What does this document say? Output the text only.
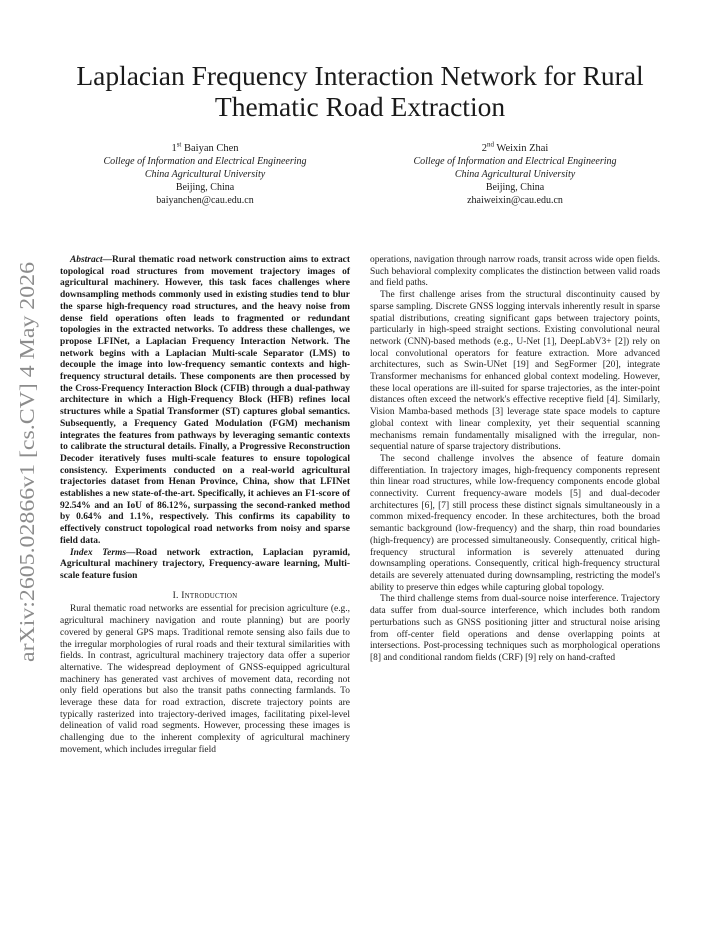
arXiv:2605.02866v1 [cs.CV] 4 May 2026
Laplacian Frequency Interaction Network for Rural Thematic Road Extraction
1st Baiyan Chen
College of Information and Electrical Engineering
China Agricultural University
Beijing, China
baiyanchen@cau.edu.cn
2nd Weixin Zhai
College of Information and Electrical Engineering
China Agricultural University
Beijing, China
zhaiweixin@cau.edu.cn

Abstract—Rural thematic road network construction aims to extract topological road structures from movement trajectory images of agricultural machinery. However, this task faces challenges where downsampling methods commonly used in existing studies tend to blur the sparse high-frequency road structures, and the heavy noise from dense field operations often leads to fragmented or redundant topologies in the extracted networks. To address these challenges, we propose LFINet, a Laplacian Frequency Interaction Network. The network begins with a Laplacian Multi-scale Separator (LMS) to decouple the image into low-frequency semantic contexts and high-frequency structural details. These components are then processed by the Cross-Frequency Interaction Block (CFIB) through a dual-pathway architecture in which a High-Frequency Block (HFB) refines local structures while a Spatial Transformer (ST) captures global semantics. Subsequently, a Frequency Gated Modulation (FGM) mechanism integrates the features from pathways by leveraging semantic contexts to calibrate the structural details. Finally, a Progressive Reconstruction Decoder iteratively fuses multi-scale features to ensure topological consistency. Experiments conducted on a real-world agricultural trajectories dataset from Henan Province, China, show that LFINet establishes a new state-of-the-art. Specifically, it achieves an F1-score of 92.54% and an IoU of 86.12%, surpassing the second-ranked method by 0.64% and 1.1%, respectively. This confirms its capability to effectively construct topological road networks from noisy and sparse field data.

Index Terms—Road network extraction, Laplacian pyramid, Agricultural machinery trajectory, Frequency-aware learning, Multi-scale feature fusion

I. Introduction

Rural thematic road networks are essential for precision agriculture (e.g., agricultural machinery navigation and route planning) but are poorly covered by general GPS maps. Traditional remote sensing also fails due to the irregular morphologies of rural roads and their textural similarities with fields. In contrast, agricultural machinery trajectory data offer a superior alternative. The widespread deployment of GNSS-equipped agricultural machinery has generated vast archives of movement data, recording not only field operations but also the transit paths connecting farmlands. To leverage these data for road extraction, discrete trajectory points are typically rasterized into trajectory-derived images, facilitating pixel-level delineation of valid road segments. However, processing these images is challenging due to the inherent complexity of agricultural machinery movement, which includes irregular field

operations, navigation through narrow roads, transit across wide open fields. Such behavioral complexity complicates the distinction between valid roads and field paths.

The first challenge arises from the structural discontinuity caused by sparse sampling. Discrete GNSS logging intervals inherently result in sparse spatial distributions, creating significant gaps between trajectory points, particularly in high-speed straight sections. Existing convolutional neural network (CNN)-based methods (e.g., U-Net [1], DeepLabV3+ [2]) rely on local convolutional operators for feature extraction. More advanced architectures, such as Swin-UNet [19] and SegFormer [20], integrate Transformer mechanisms for enhanced global context modeling. However, these local operations are ill-suited for sparse trajectories, as the inter-point distances often exceed the network's effective receptive field [4]. Similarly, Vision Mamba-based methods [3] leverage state space models to capture global context with linear complexity, yet their sequential scanning mechanisms remain fundamentally misaligned with the irregular, non-sequential nature of sparse trajectory distributions.

The second challenge involves the absence of feature domain differentiation. In trajectory images, high-frequency components represent thin linear road structures, while low-frequency components encode global connectivity. Current frequency-aware models [5] and dual-decoder architectures [6], [7] still process these distinct signals simultaneously in a common mixed-frequency encoder. In these architectures, both the broad semantic background (low-frequency) and the sharp, thin road boundaries (high-frequency) are processed simultaneously. Consequently, critical high-frequency structural information is severely attenuated during downsampling operations. Consequently, critical high-frequency structural details are severely attenuated during downsampling, restricting the model's ability to preserve thin edges while capturing global topology.

The third challenge stems from dual-source noise interference. Trajectory data suffer from dual-source interference, which includes both random perturbations such as GNSS positioning jitter and structural noise arising from off-center field operations and dense overlapping points at intersections. Post-processing techniques such as morphological operations [8] and conditional random fields (CRF) [9] rely on hand-crafted
